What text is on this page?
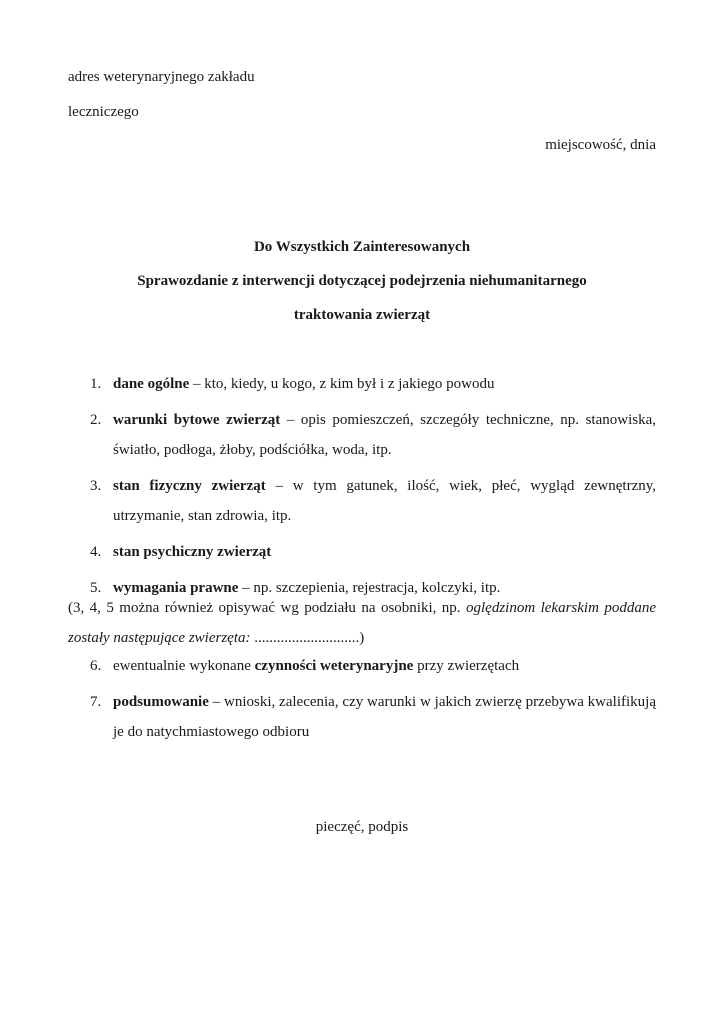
adres weterynaryjnego zakładu
leczniczego
miejscowość, dnia
Do Wszystkich Zainteresowanych
Sprawozdanie z interwencji dotyczącej podejrzenia niehumanitarnego
traktowania zwierząt
1. dane ogólne – kto, kiedy, u kogo, z kim był i z jakiego powodu
2. warunki bytowe zwierząt – opis pomieszczeń, szczegóły techniczne, np. stanowiska, światło, podłoga, żłoby, podściółka, woda, itp.
3. stan fizyczny zwierząt – w tym gatunek, ilość, wiek, płeć, wygląd zewnętrzny, utrzymanie, stan zdrowia, itp.
4. stan psychiczny zwierząt
5. wymagania prawne – np. szczepienia, rejestracja, kolczyki, itp.
(3, 4, 5 można również opisywać wg podziału na osobniki, np. oględzinom lekarskim poddane zostały następujące zwierzęta: ............................)
6. ewentualnie wykonane czynności weterynaryjne przy zwierzętach
7. podsumowanie – wnioski, zalecenia, czy warunki w jakich zwierzę przebywa kwalifikują je do natychmiastowego odbioru
pieczęć, podpis
